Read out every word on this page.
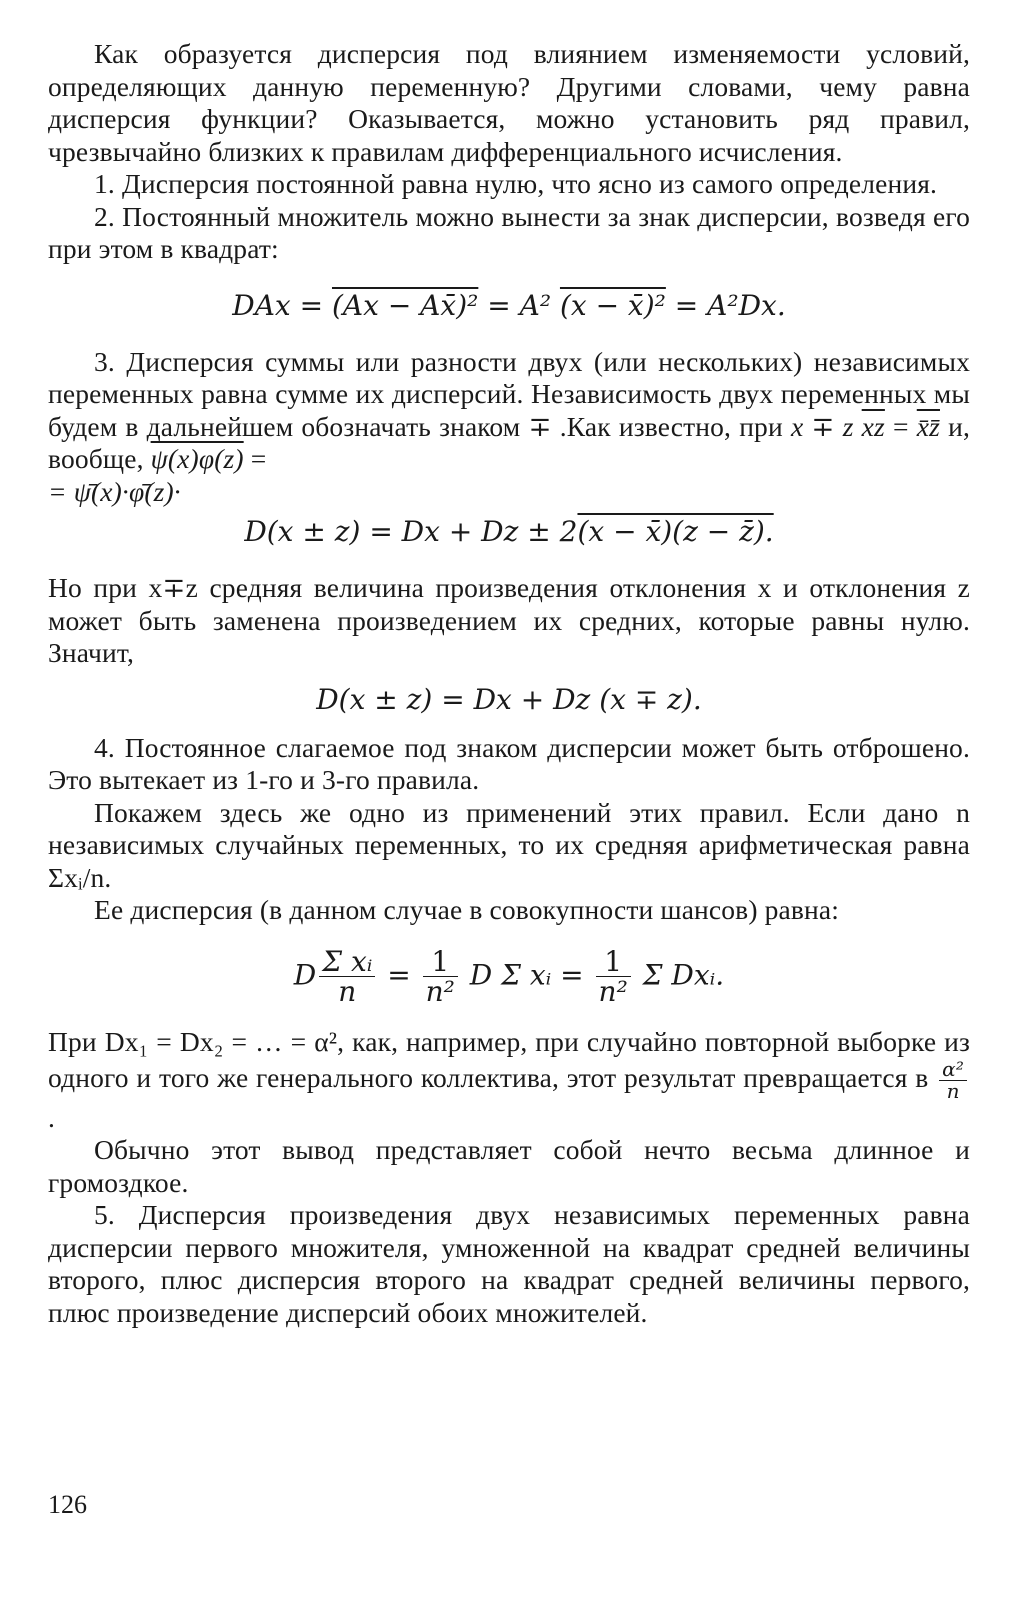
Как образуется дисперсия под влиянием изменяемости условий, определяющих данную переменную? Другими словами, чему равна дисперсия функции? Оказывается, можно установить ряд правил, чрезвычайно близких к правилам дифференциального исчисления.

1. Дисперсия постоянной равна нулю, что ясно из самого определения.

2. Постоянный множитель можно вынести за знак дисперсии, возведя его при этом в квадрат:

DAx = (Ax − Ax̄)² = A² (x − x̄)² = A²Dx.

3. Дисперсия суммы или разности двух (или нескольких) независимых переменных равна сумме их дисперсий. Независимость двух переменных мы будем в дальнейшем обозначать знаком ∓ .Как известно, при x ∓ z $\overline{xz}$ = x̄z̄ и, вообще, ψ(x)φ(z) =
= ψ̄(x)·φ̄(z)·

D(x ± z) = Dx + Dz ± 2(x − x̄)(z − z̄).

Но при x∓z средняя величина произведения отклонения x и отклонения z может быть заменена произведением их средних, которые равны нулю. Значит,

D(x ± z) = Dx + Dz (x ∓ z).

4. Постоянное слагаемое под знаком дисперсии может быть отброшено. Это вытекает из 1-го и 3-го правила.

Покажем здесь же одно из применений этих правил. Если дано n независимых случайных переменных, то их средняя арифметическая равна Σxᵢ/n.

Ее дисперсия (в данном случае в совокупности шансов) равна:

D $\frac{\text{Σ xᵢ}}{n} = \frac{1}{\text{n²}}$ D Σ xᵢ = $\frac{1}{\text{n²}}$ Σ Dxᵢ.

При Dx₁ = Dx₂ = … = α², как, например, при случайно повторной выборке из одного и того же генерального коллектива, этот результат превращается в $\frac{\text{α²}}{n}$
.

Обычно этот вывод представляет собой нечто весьма длинное и громоздкое.

5. Дисперсия произведения двух независимых переменных равна дисперсии первого множителя, умноженной на квадрат средней величины второго, плюс дисперсия второго на квадрат средней величины первого, плюс произведение дисперсий обоих множителей.

126
